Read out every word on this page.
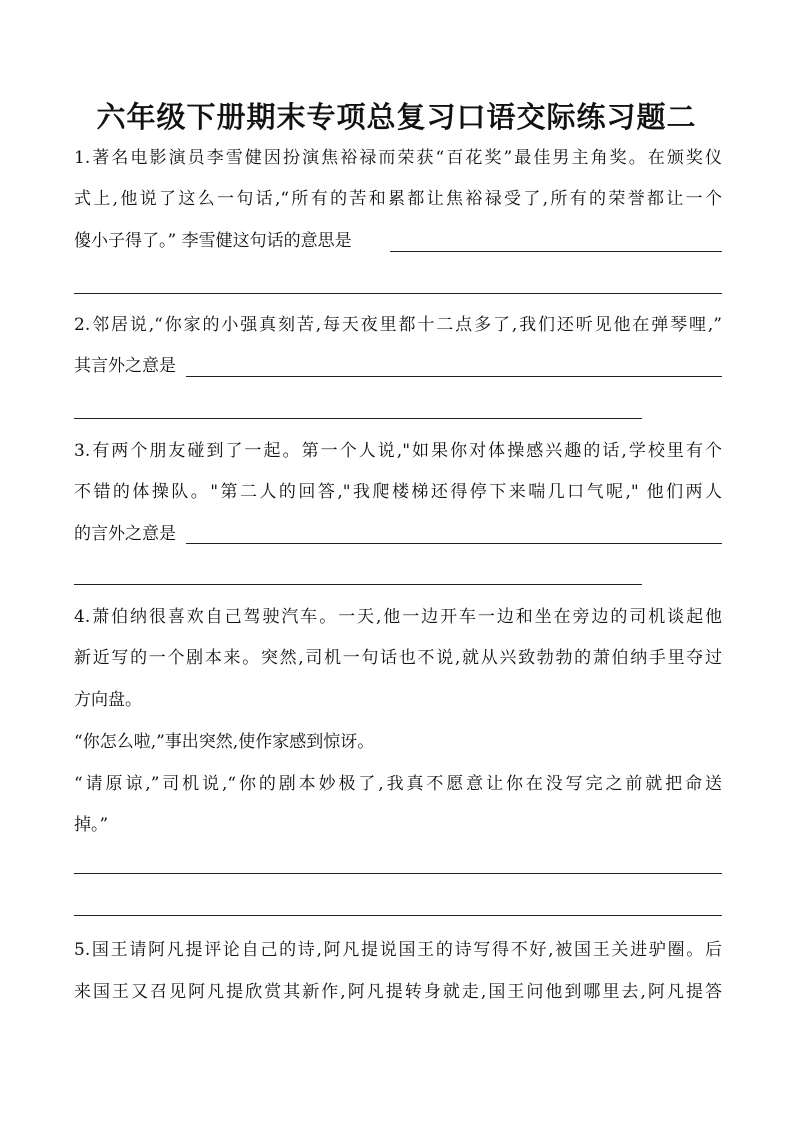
六年级下册期末专项总复习口语交际练习题二
1.著名电影演员李雪健因扮演焦裕禄而荣获“百花奖”最佳男主角奖。在颁奖仪
式上,他说了这么一句话,“所有的苦和累都让焦裕禄受了,所有的荣誉都让一个
傻小子得了。” 李雪健这句话的意思是
2.邻居说,“你家的小强真刻苦,每天夜里都十二点多了,我们还听见他在弹琴哩,”
其言外之意是
3.有两个朋友碰到了一起。第一个人说,"如果你对体操感兴趣的话,学校里有个
不错的体操队。"第二人的回答,"我爬楼梯还得停下来喘几口气呢," 他们两人
的言外之意是
4.萧伯纳很喜欢自己驾驶汽车。一天,他一边开车一边和坐在旁边的司机谈起他
新近写的一个剧本来。突然,司机一句话也不说,就从兴致勃勃的萧伯纳手里夺过
方向盘。
“你怎么啦,”事出突然,使作家感到惊讶。
“请原谅,”司机说,“你的剧本妙极了,我真不愿意让你在没写完之前就把命送
掉。”
5.国王请阿凡提评论自己的诗,阿凡提说国王的诗写得不好,被国王关进驴圈。后
来国王又召见阿凡提欣赏其新作,阿凡提转身就走,国王问他到哪里去,阿凡提答
